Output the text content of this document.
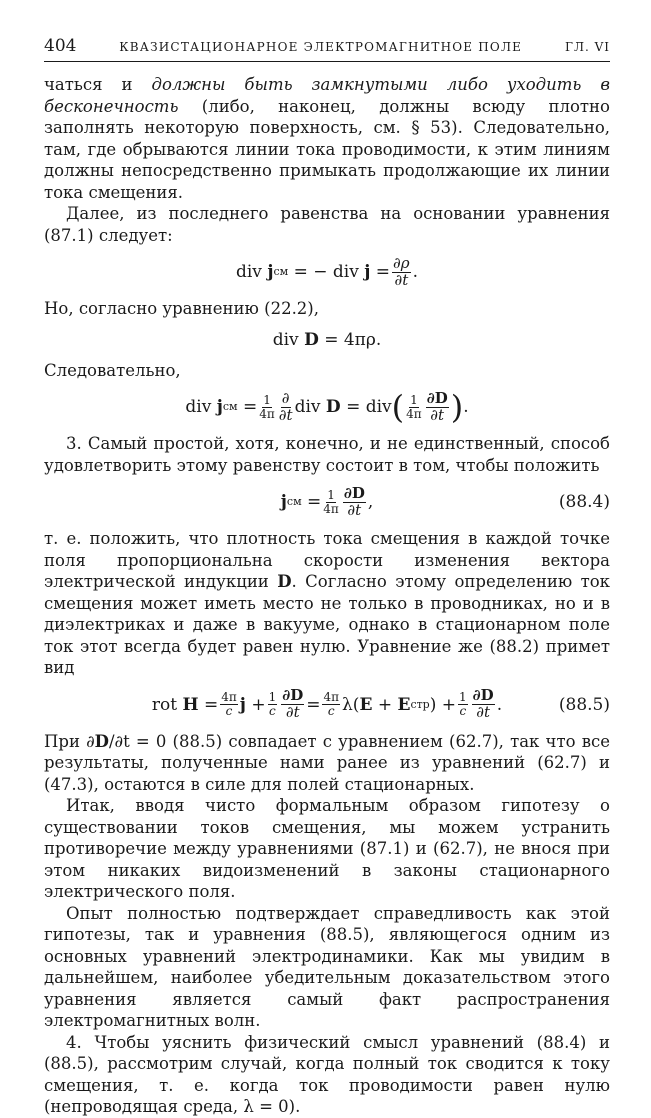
404	КВАЗИСТАЦИОНАРНОЕ ЭЛЕКТРОМАГНИТНОЕ ПОЛЕ	ГЛ. VI

чаться и должны быть замкнутыми либо уходить в бесконечность (либо, наконец, должны всюду плотно заполнять некоторую поверхность, см. § 53). Следовательно, там, где обрываются линии тока проводимости, к этим линиям должны непосредственно примыкать продолжающие их линии тока смещения.

Далее, из последнего равенства на основании уравнения (87.1) следует:

div
j см
= − div
j
= $\frac{\partial\rho}{\partial t}$ .

Но, согласно уравнению (22.2),

div
D
= 4πρ.

Следовательно,

div
j см
= $\frac{1}{4\pi} \frac{\partial}{\partial t}$ div
D
=
div ( $\frac{1}{4\pi} \frac{\partial D}{\partial t}$ ) .

3. Самый простой, хотя, конечно, и не единственный, способ удовлетворить этому равенству состоит в том, чтобы положить

j см
= $\frac{1}{4\pi} \frac{\partial D}{\partial t}$ ,	(88.4)

т. е. положить, что плотность тока смещения в каждой точке поля пропорциональна скорости изменения вектора электрической индукции D. Согласно этому определению ток смещения может иметь место не только в проводниках, но и в диэлектриках и даже в вакууме, однако в стационарном поле ток этот всегда будет равен нулю. Уравнение же (88.2) примет вид

rot
H
= $\frac{4\pi}{c}$ j
+ $\frac{1}{c} \frac{\partial D}{\partial t} = \frac{4\pi}{c}$ λ ( E
+
E стр )
+ $\frac{1}{c} \frac{\partial D}{\partial t}$ .	(88.5)

При ∂D/∂t = 0 (88.5) совпадает с уравнением (62.7), так что все результаты, полученные нами ранее из уравнений (62.7) и (47.3), остаются в силе для полей стационарных.

Итак, вводя чисто формальным образом гипотезу о существовании токов смещения, мы можем устранить противоречие между уравнениями (87.1) и (62.7), не внося при этом никаких видоизменений в законы стационарного электрического поля.

Опыт полностью подтверждает справедливость как этой гипотезы, так и уравнения (88.5), являющегося одним из основных уравнений электродинамики. Как мы увидим в дальнейшем, наиболее убедительным доказательством этого уравнения является самый факт распространения электромагнитных волн.

4. Чтобы уяснить физический смысл уравнений (88.4) и (88.5), рассмотрим случай, когда полный ток сводится к току смещения, т. е. когда ток проводимости равен нулю (непроводящая среда, λ = 0).
